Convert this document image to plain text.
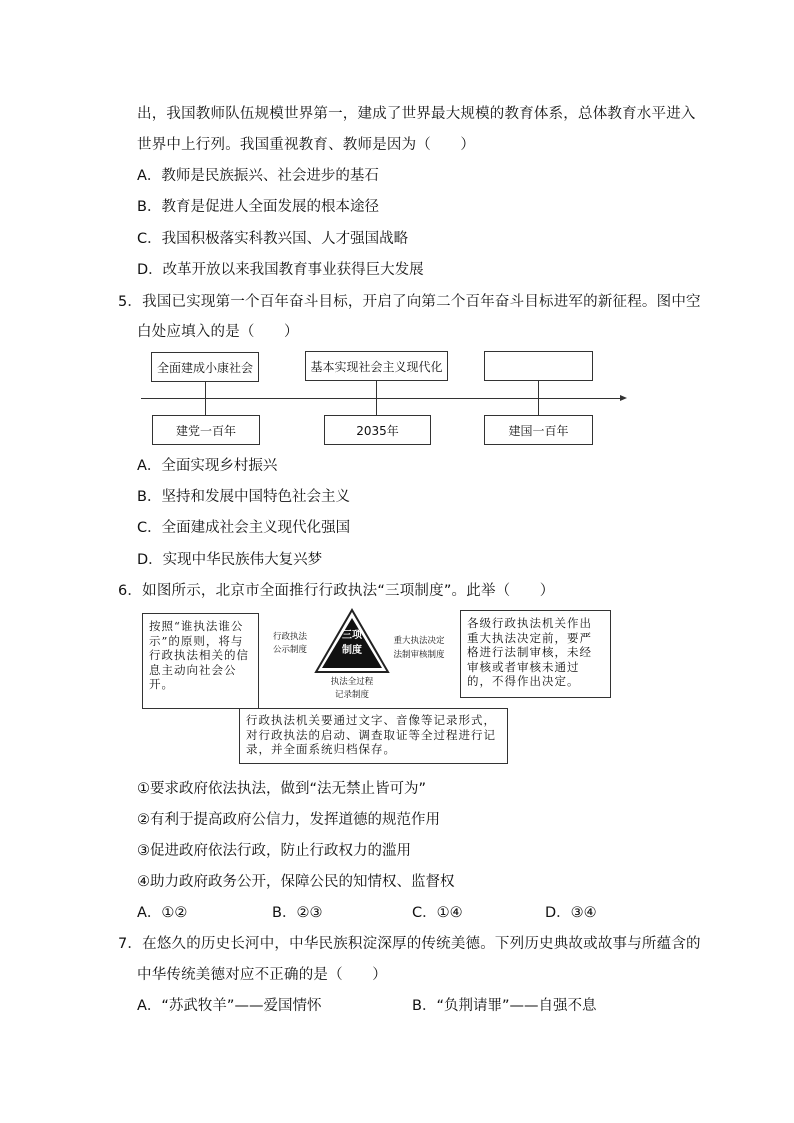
出，我国教师队伍规模世界第一，建成了世界最大规模的教育体系，总体教育水平进入
世界中上行列。我国重视教育、教师是因为（　　）
A．教师是民族振兴、社会进步的基石
B．教育是促进人全面发展的根本途径
C．我国积极落实科教兴国、人才强国战略
D．改革开放以来我国教育事业获得巨大发展
5．我国已实现第一个百年奋斗目标，开启了向第二个百年奋斗目标进军的新征程。图中空
白处应填入的是（　　）
全面建成小康社会	基本实现社会主义现代化
建党一百年	2035年	建国一百年
A．全面实现乡村振兴
B．坚持和发展中国特色社会主义
C．全面建成社会主义现代化强国
D．实现中华民族伟大复兴梦
6．如图所示，北京市全面推行行政执法“三项制度”。此举（　　）
按照“谁执法谁公示”的原则，将与行政执法相关的信息主动向社会公开。
各级行政执法机关作出重大执法决定前，要严格进行法制审核，未经审核或者审核未通过的，不得作出决定。
行政执法机关要通过文字、音像等记录形式，对行政执法的启动、调查取证等全过程进行记录，并全面系统归档保存。
三项
制度
行政执法
公示制度
重大执法决定
法制审核制度
执法全过程
记录制度
①要求政府依法执法，做到“法无禁止皆可为”
②有利于提高政府公信力，发挥道德的规范作用
③促进政府依法行政，防止行政权力的滥用
④助力政府政务公开，保障公民的知情权、监督权
A．①②	B．②③	C．①④	D．③④
7．在悠久的历史长河中，中华民族积淀深厚的传统美德。下列历史典故或故事与所蕴含的
中华传统美德对应不正确的是（　　）
A．“苏武牧羊”——爱国情怀	B．“负荆请罪”——自强不息
